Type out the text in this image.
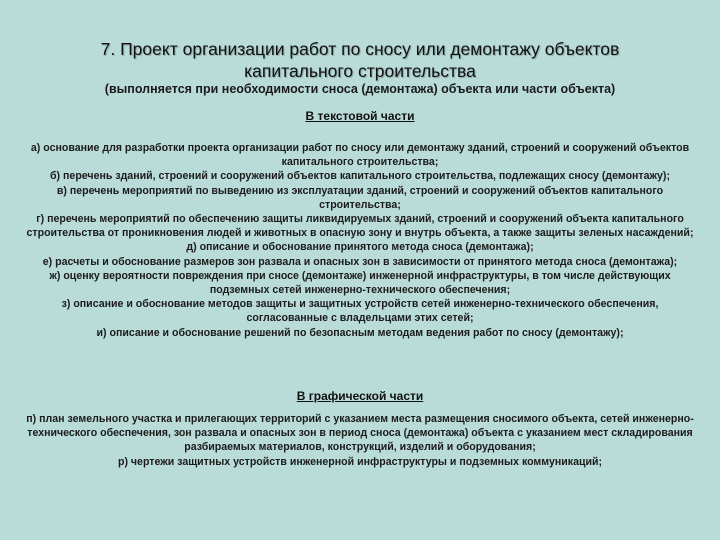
7. Проект организации работ по сносу или демонтажу объектов
капитального строительства
(выполняется при необходимости сноса (демонтажа) объекта или части объекта)
В текстовой части
а) основание для разработки проекта организации работ по сносу или демонтажу зданий, строений и сооружений объектов капитального строительства;
б) перечень зданий, строений и сооружений объектов капитального строительства, подлежащих сносу (демонтажу);
в) перечень мероприятий по выведению из эксплуатации зданий, строений и сооружений объектов капитального строительства;
г) перечень мероприятий по обеспечению защиты ликвидируемых зданий, строений и сооружений объекта капитального строительства от проникновения людей и животных в опасную зону и внутрь объекта, а также защиты зеленых насаждений;
д) описание и обоснование принятого метода сноса (демонтажа);
е) расчеты и обоснование размеров зон развала и опасных зон в зависимости от принятого метода сноса (демонтажа);
ж) оценку вероятности повреждения при сносе (демонтаже) инженерной инфраструктуры, в том числе действующих подземных сетей инженерно-технического обеспечения;
з) описание и обоснование методов защиты и защитных устройств сетей инженерно-технического обеспечения, согласованные с владельцами этих сетей;
и) описание и обоснование решений по безопасным методам ведения работ по сносу (демонтажу);
В графической части
п) план земельного участка и прилегающих территорий с указанием места размещения сносимого объекта, сетей инженерно-технического обеспечения, зон развала и опасных зон в период сноса (демонтажа) объекта с указанием мест складирования разбираемых материалов, конструкций, изделий и оборудования;
р) чертежи защитных устройств инженерной инфраструктуры и подземных коммуникаций;
